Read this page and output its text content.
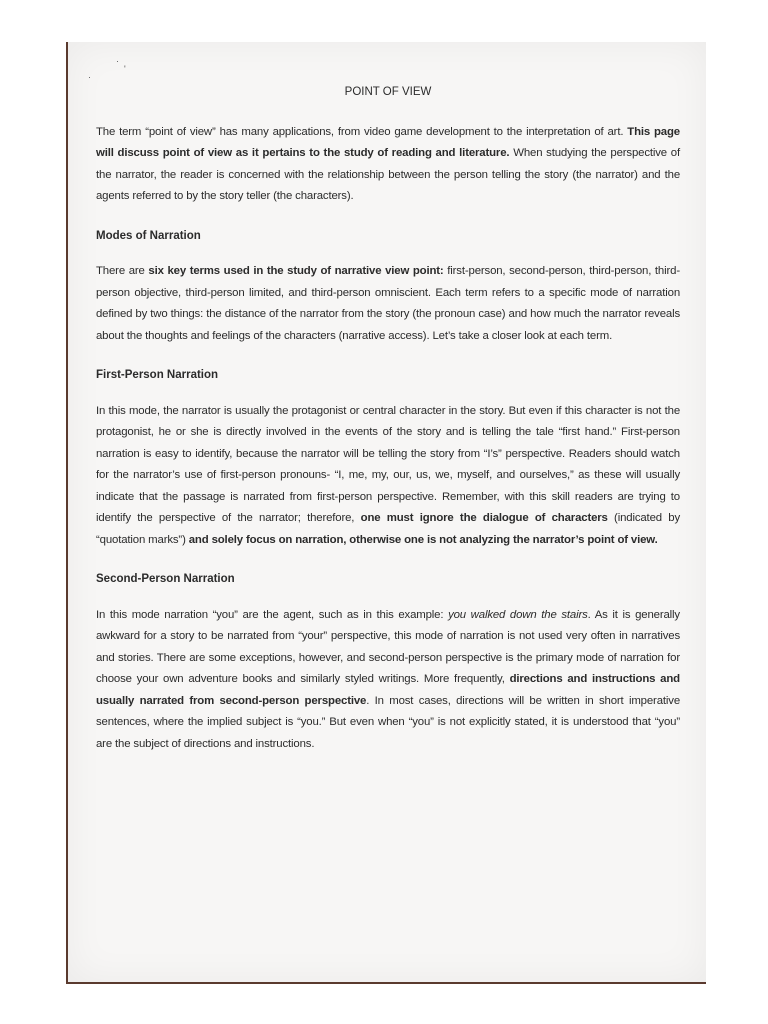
·
·
'
POINT OF VIEW

The term “point of view” has many applications, from video game development to the interpretation of art. This page will discuss point of view as it pertains to the study of reading and literature. When studying the perspective of the narrator, the reader is concerned with the relationship between the person telling the story (the narrator) and the agents referred to by the story teller (the characters).

Modes of Narration

There are six key terms used in the study of narrative view point: first-person, second-person, third-person, third-person objective, third-person limited, and third-person omniscient. Each term refers to a specific mode of narration defined by two things: the distance of the narrator from the story (the pronoun case) and how much the narrator reveals about the thoughts and feelings of the characters (narrative access). Let’s take a closer look at each term.

First-Person Narration

In this mode, the narrator is usually the protagonist or central character in the story. But even if this character is not the protagonist, he or she is directly involved in the events of the story and is telling the tale “first hand.” First-person narration is easy to identify, because the narrator will be telling the story from “I’s” perspective. Readers should watch for the narrator’s use of first-person pronouns- “I, me, my, our, us, we, myself, and ourselves,” as these will usually indicate that the passage is narrated from first-person perspective. Remember, with this skill readers are trying to identify the perspective of the narrator; therefore, one must ignore the dialogue of characters (indicated by “quotation marks”) and solely focus on narration, otherwise one is not analyzing the narrator’s point of view.

Second-Person Narration

In this mode narration “you” are the agent, such as in this example: you walked down the stairs. As it is generally awkward for a story to be narrated from “your” perspective, this mode of narration is not used very often in narratives and stories. There are some exceptions, however, and second-person perspective is the primary mode of narration for choose your own adventure books and similarly styled writings. More frequently, directions and instructions and usually narrated from second-person perspective. In most cases, directions will be written in short imperative sentences, where the implied subject is “you.” But even when “you” is not explicitly stated, it is understood that “you” are the subject of directions and instructions.
